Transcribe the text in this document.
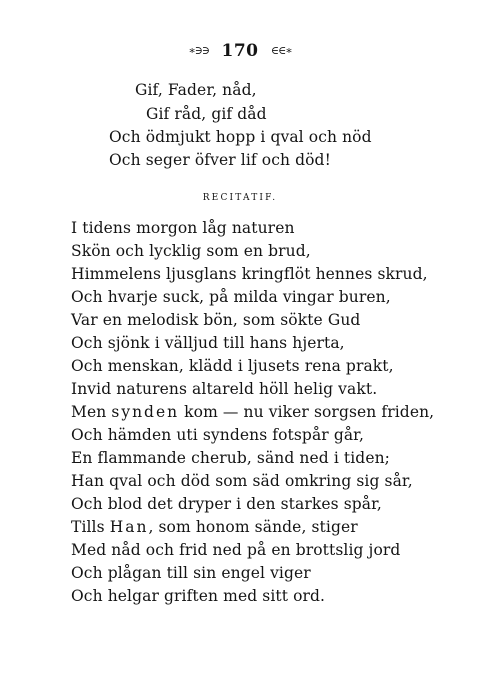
∗∋∋ 170 ∈∈∗
Gif, Fader, nåd,
Gif råd, gif dåd
Och ödmjukt hopp i qval och nöd
Och seger öfver lif och död!
RECITATIF.
I tidens morgon låg naturen
Skön och lycklig som en brud,
Himmelens ljusglans kringflöt hennes skrud,
Och hvarje suck, på milda vingar buren,
Var en melodisk bön, som sökte Gud
Och sjönk i välljud till hans hjerta,
Och menskan, klädd i ljusets rena prakt,
Invid naturens altareld höll helig vakt.
Men synden kom — nu viker sorgsen friden,
Och hämden uti syndens fotspår går,
En flammande cherub, sänd ned i tiden;
Han qval och död som säd omkring sig sår,
Och blod det dryper i den starkes spår,
Tills Han, som honom sände, stiger
Med nåd och frid ned på en brottslig jord
Och plågan till sin engel viger
Och helgar griften med sitt ord.
